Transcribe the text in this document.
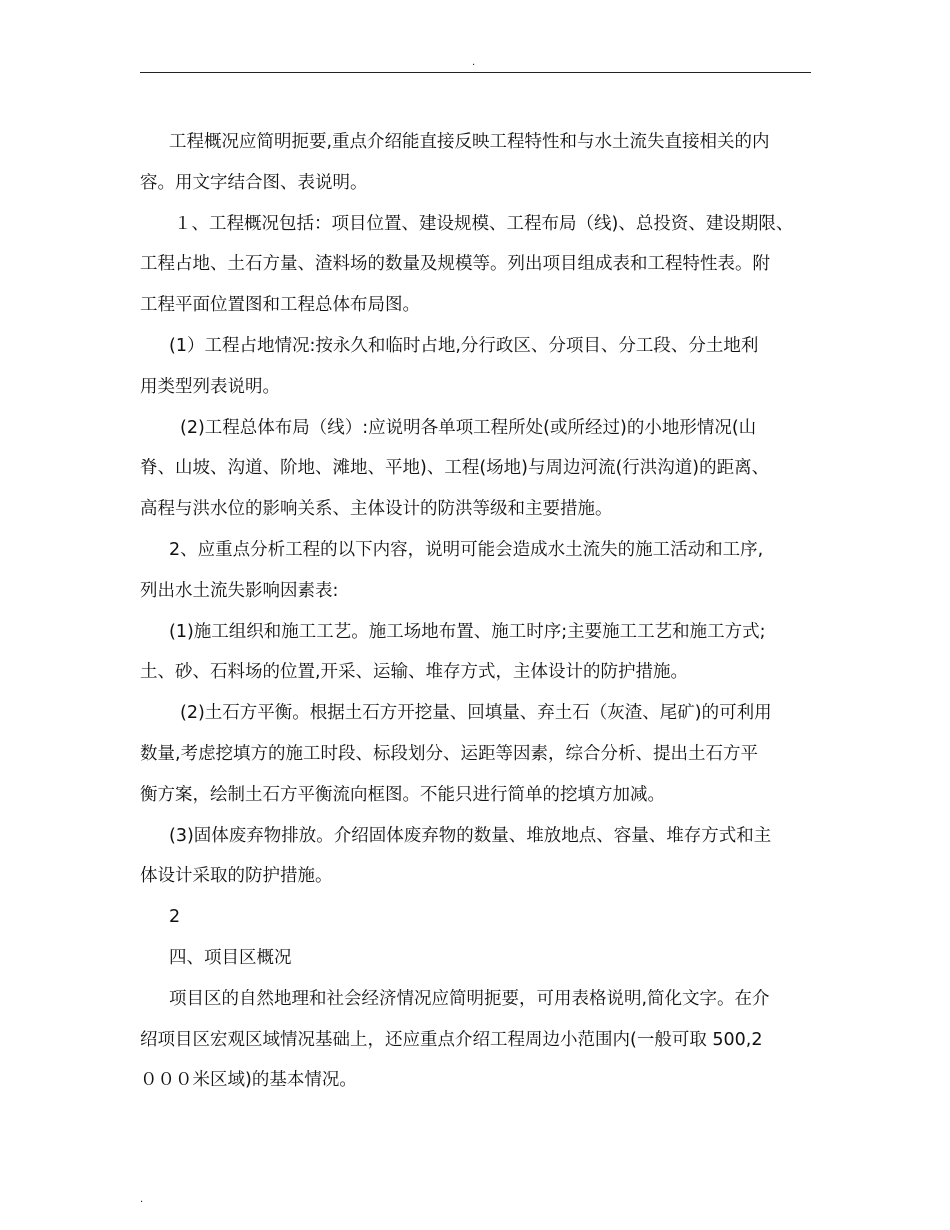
.
工程概况应简明扼要,重点介绍能直接反映工程特性和与水土流失直接相关的内
容。用文字结合图、表说明。
１、工程概况包括：项目位置、建设规模、工程布局（线)、总投资、建设期限、
工程占地、土石方量、渣料场的数量及规模等。列出项目组成表和工程特性表。附
工程平面位置图和工程总体布局图。
(1）工程占地情况:按永久和临时占地,分行政区、分项目、分工段、分土地利
用类型列表说明。
(2)工程总体布局（线）:应说明各单项工程所处(或所经过)的小地形情况(山
脊、山坡、沟道、阶地、滩地、平地)、工程(场地)与周边河流(行洪沟道)的距离、
高程与洪水位的影响关系、主体设计的防洪等级和主要措施。
2、应重点分析工程的以下内容，说明可能会造成水土流失的施工活动和工序,
列出水土流失影响因素表:
(1)施工组织和施工工艺。施工场地布置、施工时序;主要施工工艺和施工方式;
土、砂、石料场的位置,开采、运输、堆存方式，主体设计的防护措施。
(2)土石方平衡。根据土石方开挖量、回填量、弃土石（灰渣、尾矿)的可利用
数量,考虑挖填方的施工时段、标段划分、运距等因素，综合分析、提出土石方平
衡方案，绘制土石方平衡流向框图。不能只进行简单的挖填方加减。
(3)固体废弃物排放。介绍固体废弃物的数量、堆放地点、容量、堆存方式和主
体设计采取的防护措施。
2
四、项目区概况
项目区的自然地理和社会经济情况应简明扼要，可用表格说明,简化文字。在介
绍项目区宏观区域情况基础上，还应重点介绍工程周边小范围内(一般可取 500,2
０００米区域)的基本情况。
.
